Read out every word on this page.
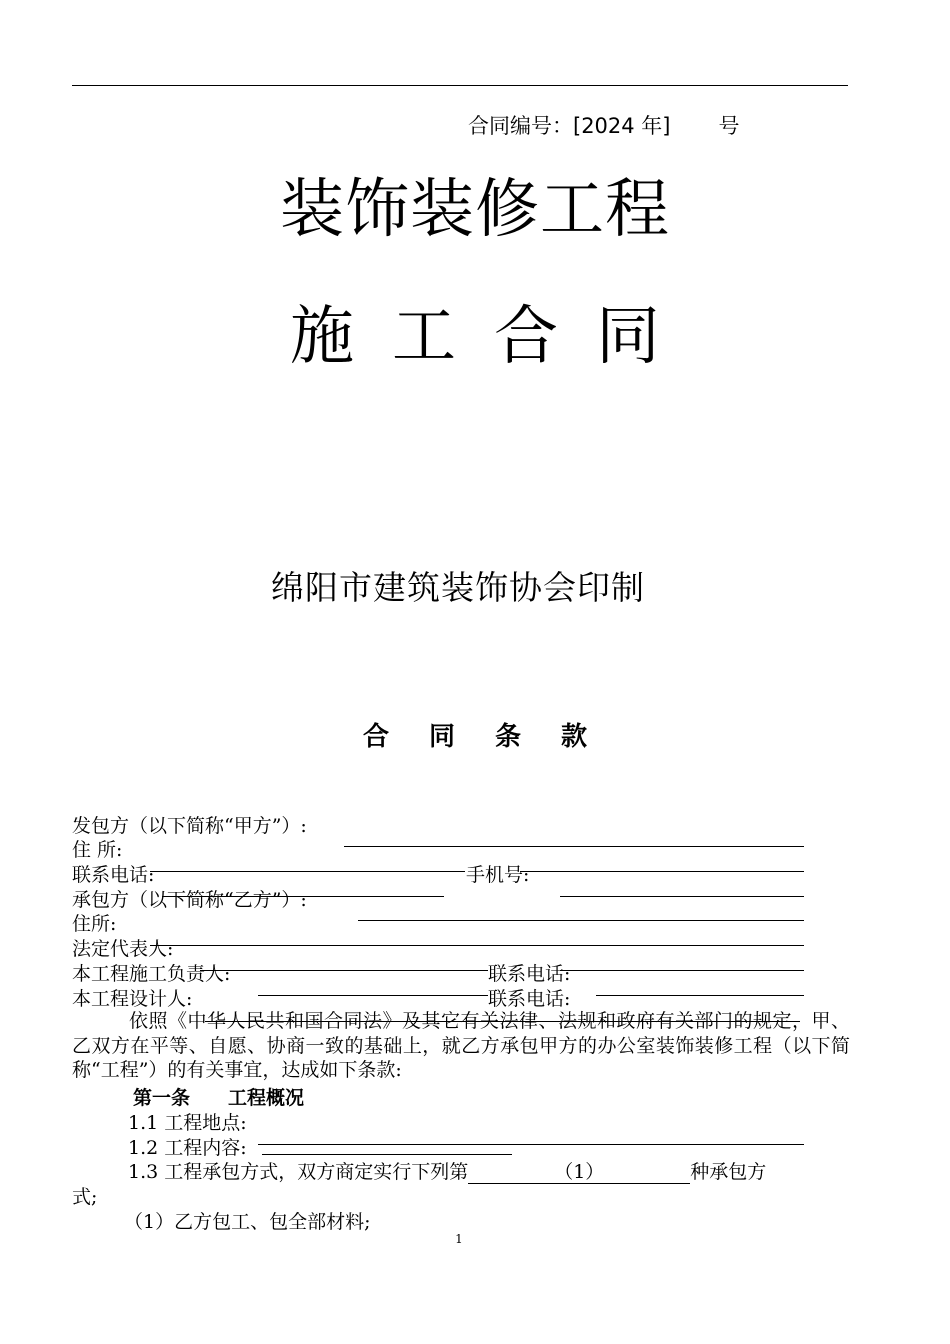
合同编号：[2024 年] 号
装饰装修工程
施工合同
绵阳市建筑装饰协会印制
合同条款
发包方（以下简称“甲方”）:
住 所:
联系电话:	手机号:
承包方（以下简称“乙方”）:
住所:
法定代表人:
本工程施工负责人:	联系电话:
本工程设计人:	联系电话:
依照《中华人民共和国合同法》及其它有关法律、法规和政府有关部门的规定，甲、乙双方在平等、自愿、协商一致的基础上，就乙方承包甲方的办公室装饰装修工程（以下简称“工程”）的有关事宜，达成如下条款:
第一条 工程概况
1.1 工程地点:
1.2 工程内容:
1.3 工程承包方式，双方商定实行下列第	（1）	种承包方
式;
（1）乙方包工、包全部材料;
1
